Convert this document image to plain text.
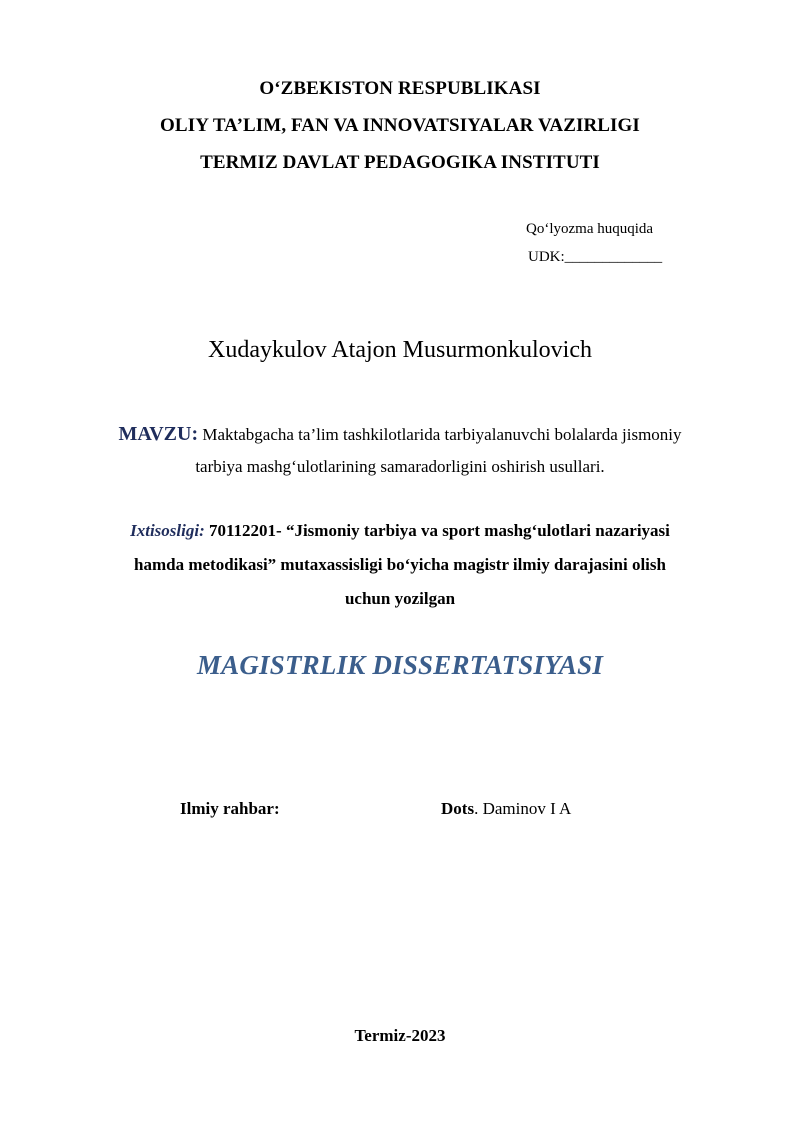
O‘ZBEKISTON RESPUBLIKASI
OLIY TA’LIM, FAN VA INNOVATSIYALAR VAZIRLIGI
TERMIZ DAVLAT PEDAGOGIKA INSTITUTI
Qo‘lyozma huquqida
UDK:_____________
Xudaykulov Atajon Musurmonkulovich
MAVZU: Maktabgacha ta’lim tashkilotlarida tarbiyalanuvchi bolalarda jismoniy tarbiya mashg‘ulotlarining samaradorligini oshirish usullari.
Ixtisosligi: 70112201- “Jismoniy tarbiya va sport mashg‘ulotlari nazariyasi hamda metodikasi” mutaxassisligi bo‘yicha magistr ilmiy darajasini olish uchun yozilgan
MAGISTRLIK DISSERTATSIYASI
Ilmiy rahbar:	Dots. Daminov I A
Termiz-2023
